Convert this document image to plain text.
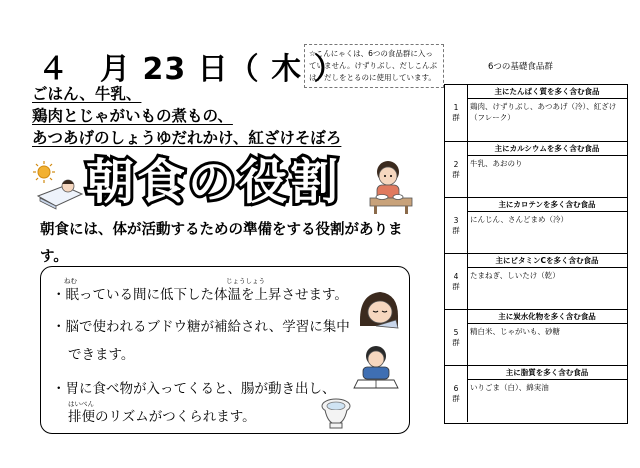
４　月 23 日（ 木 ）
☆こんにゃくは、6つの食品群に入っていません。けずりぶし、だしこんぶは、だしをとるのに使用しています。
ごはん、牛乳、
鶏肉とじゃがいもの煮もの、
あつあげのしょうゆだれかけ、紅ざけそぼろ
朝食の役割
朝食には、体が活動するための準備をする役割があります。
ねむ	じょうしょう
・眠っている間に低下した体温を上昇させます。
・脳で使われるブドウ糖が補給され、学習に集中
できます。
・胃に食べ物が入ってくると、腸が動き出し、
はいべん
排便のリズムがつくられます。
6つの基礎食品群
1
群
主にたんぱく質を多く含む食品
鶏肉、けずりぶし、あつあげ（冷）、紅ざけ（フレーク）
2
群
主にカルシウムを多く含む食品
牛乳、あおのり
3
群
主にカロテンを多く含む食品
にんじん、さんどまめ（冷）
4
群
主にビタミンCを多く含む食品
たまねぎ、しいたけ（乾）
5
群
主に炭水化物を多く含む食品
精白米、じゃがいも、砂糖
6
群
主に脂質を多く含む食品
いりごま（白）、綿実油
